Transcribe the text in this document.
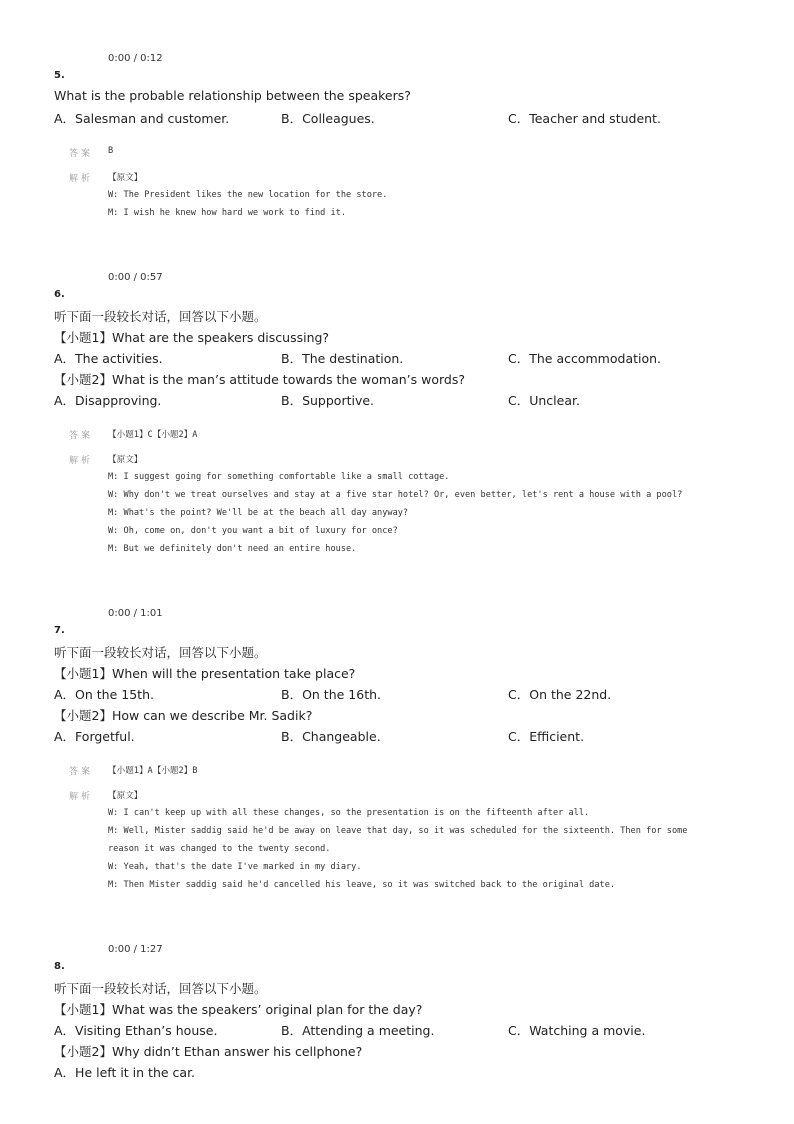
0:00 / 0:12
5.
What is the probable relationship between the speakers?
A．Salesman and customer.	B．Colleagues.	C．Teacher and student.
答案 B
解析 【原文】
W: The President likes the new location for the store.
M: I wish he knew how hard we work to find it.
0:00 / 0:57
6.
听下面一段较长对话，回答以下小题。
【小题1】What are the speakers discussing?
A．The activities.	B．The destination.	C．The accommodation.
【小题2】What is the man’s attitude towards the woman’s words?
A．Disapproving.	B．Supportive.	C．Unclear.
答案 【小题1】C【小题2】A
解析 【原文】
M: I suggest going for something comfortable like a small cottage.
W: Why don't we treat ourselves and stay at a five star hotel? Or, even better, let's rent a house with a pool?
M: What's the point? We'll be at the beach all day anyway?
W: Oh, come on, don't you want a bit of luxury for once?
M: But we definitely don't need an entire house.
0:00 / 1:01
7.
听下面一段较长对话，回答以下小题。
【小题1】When will the presentation take place?
A．On the 15th.	B．On the 16th.	C．On the 22nd.
【小题2】How can we describe Mr. Sadik?
A．Forgetful.	B．Changeable.	C．Efficient.
答案 【小题1】A【小题2】B
解析 【原文】
W: I can't keep up with all these changes, so the presentation is on the fifteenth after all.
M: Well, Mister saddig said he'd be away on leave that day, so it was scheduled for the sixteenth. Then for some
reason it was changed to the twenty second.
W: Yeah, that's the date I've marked in my diary.
M: Then Mister saddig said he'd cancelled his leave, so it was switched back to the original date.
0:00 / 1:27
8.
听下面一段较长对话，回答以下小题。
【小题1】What was the speakers’ original plan for the day?
A．Visiting Ethan’s house.	B．Attending a meeting.	C．Watching a movie.
【小题2】Why didn’t Ethan answer his cellphone?
A．He left it in the car.
